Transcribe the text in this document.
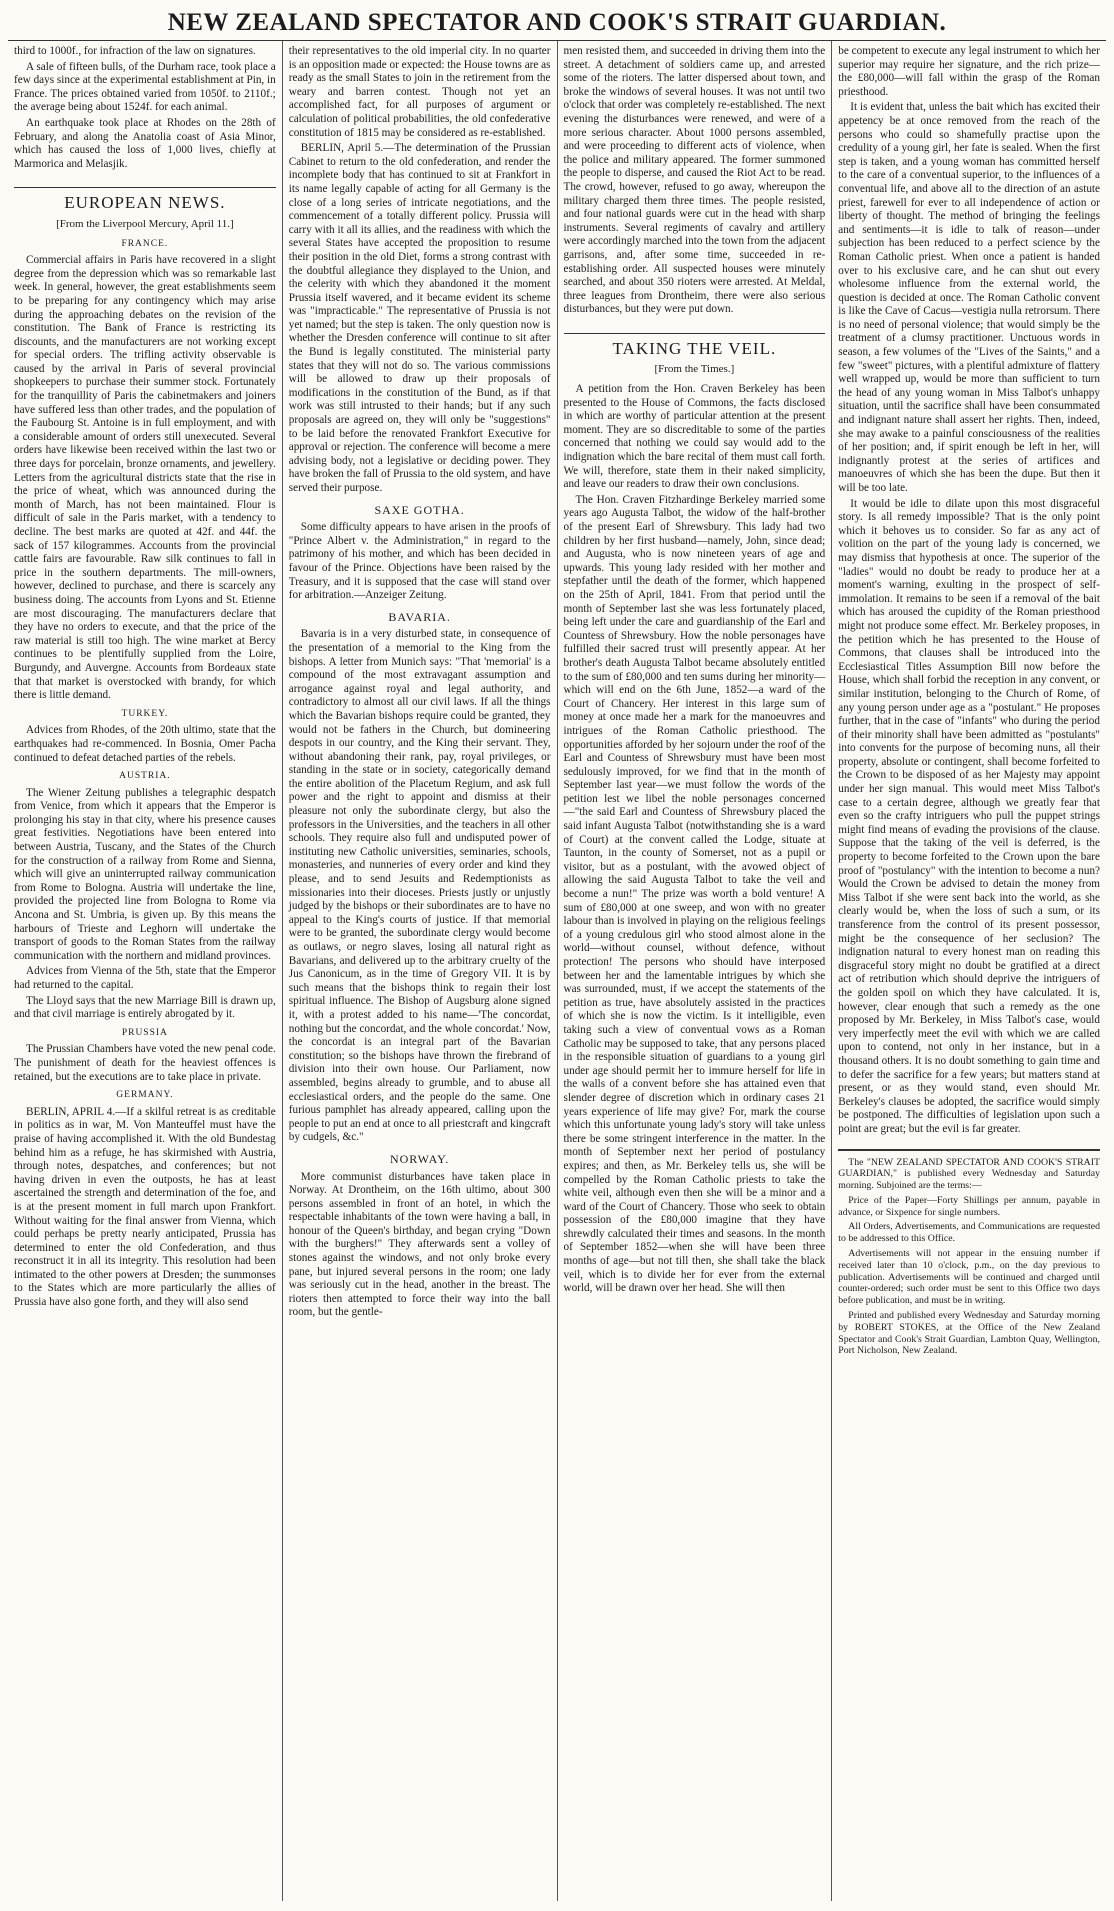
NEW ZEALAND SPECTATOR AND COOK'S STRAIT GUARDIAN.

third to 1000f., for infraction of the law on signatures.

A sale of fifteen bulls, of the Durham race, took place a few days since at the experimental establishment at Pin, in France. The prices obtained varied from 1050f. to 2110f.; the average being about 1524f. for each animal.

An earthquake took place at Rhodes on the 28th of February, and along the Anatolia coast of Asia Minor, which has caused the loss of 1,000 lives, chiefly at Marmorica and Melasjik.

EUROPEAN NEWS.
[From the Liverpool Mercury, April 11.]
FRANCE.

Commercial affairs in Paris have recovered in a slight degree from the depression which was so remarkable last week. In general, however, the great establishments seem to be preparing for any contingency which may arise during the approaching debates on the revision of the constitution. The Bank of France is restricting its discounts, and the manufacturers are not working except for special orders. The trifling activity observable is caused by the arrival in Paris of several provincial shopkeepers to purchase their summer stock. Fortunately for the tranquillity of Paris the cabinetmakers and joiners have suffered less than other trades, and the population of the Faubourg St. Antoine is in full employment, and with a considerable amount of orders still unexecuted. Several orders have likewise been received within the last two or three days for porcelain, bronze ornaments, and jewellery. Letters from the agricultural districts state that the rise in the price of wheat, which was announced during the month of March, has not been maintained. Flour is difficult of sale in the Paris market, with a tendency to decline. The best marks are quoted at 42f. and 44f. the sack of 157 kilogrammes. Accounts from the provincial cattle fairs are favourable. Raw silk continues to fall in price in the southern departments. The mill-owners, however, declined to purchase, and there is scarcely any business doing. The accounts from Lyons and St. Etienne are most discouraging. The manufacturers declare that they have no orders to execute, and that the price of the raw material is still too high. The wine market at Bercy continues to be plentifully supplied from the Loire, Burgundy, and Auvergne. Accounts from Bordeaux state that that market is overstocked with brandy, for which there is little demand.

TURKEY.

Advices from Rhodes, of the 20th ultimo, state that the earthquakes had re-commenced. In Bosnia, Omer Pacha continued to defeat detached parties of the rebels.

AUSTRIA.

The Wiener Zeitung publishes a telegraphic despatch from Venice, from which it appears that the Emperor is prolonging his stay in that city, where his presence causes great festivities. Negotiations have been entered into between Austria, Tuscany, and the States of the Church for the construction of a railway from Rome and Sienna, which will give an uninterrupted railway communication from Rome to Bologna. Austria will undertake the line, provided the projected line from Bologna to Rome via Ancona and St. Umbria, is given up. By this means the harbours of Trieste and Leghorn will undertake the transport of goods to the Roman States from the railway communication with the northern and midland provinces.

Advices from Vienna of the 5th, state that the Emperor had returned to the capital.

The Lloyd says that the new Marriage Bill is drawn up, and that civil marriage is entirely abrogated by it.

PRUSSIA

The Prussian Chambers have voted the new penal code. The punishment of death for the heaviest offences is retained, but the executions are to take place in private.

GERMANY.

BERLIN, APRIL 4.—If a skilful retreat is as creditable in politics as in war, M. Von Manteuffel must have the praise of having accomplished it. With the old Bundestag behind him as a refuge, he has skirmished with Austria, through notes, despatches, and conferences; but not having driven in even the outposts, he has at least ascertained the strength and determination of the foe, and is at the present moment in full march upon Frankfort. Without waiting for the final answer from Vienna, which could perhaps be pretty nearly anticipated, Prussia has determined to enter the old Confederation, and thus reconstruct it in all its integrity. This resolution had been intimated to the other powers at Dresden; the summonses to the States which are more particularly the allies of Prussia have also gone forth, and they will also send

their representatives to the old imperial city. In no quarter is an opposition made or expected: the House towns are as ready as the small States to join in the retirement from the weary and barren contest. Though not yet an accomplished fact, for all purposes of argument or calculation of political probabilities, the old confederative constitution of 1815 may be considered as re-established.

BERLIN, April 5.—The determination of the Prussian Cabinet to return to the old confederation, and render the incomplete body that has continued to sit at Frankfort in its name legally capable of acting for all Germany is the close of a long series of intricate negotiations, and the commencement of a totally different policy. Prussia will carry with it all its allies, and the readiness with which the several States have accepted the proposition to resume their position in the old Diet, forms a strong contrast with the doubtful allegiance they displayed to the Union, and the celerity with which they abandoned it the moment Prussia itself wavered, and it became evident its scheme was "impracticable." The representative of Prussia is not yet named; but the step is taken. The only question now is whether the Dresden conference will continue to sit after the Bund is legally constituted. The ministerial party states that they will not do so. The various commissions will be allowed to draw up their proposals of modifications in the constitution of the Bund, as if that work was still intrusted to their hands; but if any such proposals are agreed on, they will only be "suggestions" to be laid before the renovated Frankfort Executive for approval or rejection. The conference will become a mere advising body, not a legislative or deciding power. They have broken the fall of Prussia to the old system, and have served their purpose.

SAXE GOTHA.

Some difficulty appears to have arisen in the proofs of "Prince Albert v. the Administration," in regard to the patrimony of his mother, and which has been decided in favour of the Prince. Objections have been raised by the Treasury, and it is supposed that the case will stand over for arbitration.—Anzeiger Zeitung.

BAVARIA.

Bavaria is in a very disturbed state, in consequence of the presentation of a memorial to the King from the bishops. A letter from Munich says: "That 'memorial' is a compound of the most extravagant assumption and arrogance against royal and legal authority, and contradictory to almost all our civil laws. If all the things which the Bavarian bishops require could be granted, they would not be fathers in the Church, but domineering despots in our country, and the King their servant. They, without abandoning their rank, pay, royal privileges, or standing in the state or in society, categorically demand the entire abolition of the Placetum Regium, and ask full power and the right to appoint and dismiss at their pleasure not only the subordinate clergy, but also the professors in the Universities, and the teachers in all other schools. They require also full and undisputed power of instituting new Catholic universities, seminaries, schools, monasteries, and nunneries of every order and kind they please, and to send Jesuits and Redemptionists as missionaries into their dioceses. Priests justly or unjustly judged by the bishops or their subordinates are to have no appeal to the King's courts of justice. If that memorial were to be granted, the subordinate clergy would become as outlaws, or negro slaves, losing all natural right as Bavarians, and delivered up to the arbitrary cruelty of the Jus Canonicum, as in the time of Gregory VII. It is by such means that the bishops think to regain their lost spiritual influence. The Bishop of Augsburg alone signed it, with a protest added to his name—'The concordat, nothing but the concordat, and the whole concordat.' Now, the concordat is an integral part of the Bavarian constitution; so the bishops have thrown the firebrand of division into their own house. Our Parliament, now assembled, begins already to grumble, and to abuse all ecclesiastical orders, and the people do the same. One furious pamphlet has already appeared, calling upon the people to put an end at once to all priestcraft and kingcraft by cudgels, &c."

NORWAY.

More communist disturbances have taken place in Norway. At Drontheim, on the 16th ultimo, about 300 persons assembled in front of an hotel, in which the respectable inhabitants of the town were having a ball, in honour of the Queen's birthday, and began crying "Down with the burghers!" They afterwards sent a volley of stones against the windows, and not only broke every pane, but injured several persons in the room; one lady was seriously cut in the head, another in the breast. The rioters then attempted to force their way into the ball room, but the gentle-

men resisted them, and succeeded in driving them into the street. A detachment of soldiers came up, and arrested some of the rioters. The latter dispersed about town, and broke the windows of several houses. It was not until two o'clock that order was completely re-established. The next evening the disturbances were renewed, and were of a more serious character. About 1000 persons assembled, and were proceeding to different acts of violence, when the police and military appeared. The former summoned the people to disperse, and caused the Riot Act to be read. The crowd, however, refused to go away, whereupon the military charged them three times. The people resisted, and four national guards were cut in the head with sharp instruments. Several regiments of cavalry and artillery were accordingly marched into the town from the adjacent garrisons, and, after some time, succeeded in re-establishing order. All suspected houses were minutely searched, and about 350 rioters were arrested. At Meldal, three leagues from Drontheim, there were also serious disturbances, but they were put down.

TAKING THE VEIL.
[From the Times.]

A petition from the Hon. Craven Berkeley has been presented to the House of Commons, the facts disclosed in which are worthy of particular attention at the present moment. They are so discreditable to some of the parties concerned that nothing we could say would add to the indignation which the bare recital of them must call forth. We will, therefore, state them in their naked simplicity, and leave our readers to draw their own conclusions.

The Hon. Craven Fitzhardinge Berkeley married some years ago Augusta Talbot, the widow of the half-brother of the present Earl of Shrewsbury. This lady had two children by her first husband—namely, John, since dead; and Augusta, who is now nineteen years of age and upwards. This young lady resided with her mother and stepfather until the death of the former, which happened on the 25th of April, 1841. From that period until the month of September last she was less fortunately placed, being left under the care and guardianship of the Earl and Countess of Shrewsbury. How the noble personages have fulfilled their sacred trust will presently appear. At her brother's death Augusta Talbot became absolutely entitled to the sum of £80,000 and ten sums during her minority—which will end on the 6th June, 1852—a ward of the Court of Chancery. Her interest in this large sum of money at once made her a mark for the manoeuvres and intrigues of the Roman Catholic priesthood. The opportunities afforded by her sojourn under the roof of the Earl and Countess of Shrewsbury must have been most sedulously improved, for we find that in the month of September last year—we must follow the words of the petition lest we libel the noble personages concerned—"the said Earl and Countess of Shrewsbury placed the said infant Augusta Talbot (notwithstanding she is a ward of Court) at the convent called the Lodge, situate at Taunton, in the county of Somerset, not as a pupil or visitor, but as a postulant, with the avowed object of allowing the said Augusta Talbot to take the veil and become a nun!" The prize was worth a bold venture! A sum of £80,000 at one sweep, and won with no greater labour than is involved in playing on the religious feelings of a young credulous girl who stood almost alone in the world—without counsel, without defence, without protection! The persons who should have interposed between her and the lamentable intrigues by which she was surrounded, must, if we accept the statements of the petition as true, have absolutely assisted in the practices of which she is now the victim. Is it intelligible, even taking such a view of conventual vows as a Roman Catholic may be supposed to take, that any persons placed in the responsible situation of guardians to a young girl under age should permit her to immure herself for life in the walls of a convent before she has attained even that slender degree of discretion which in ordinary cases 21 years experience of life may give? For, mark the course which this unfortunate young lady's story will take unless there be some stringent interference in the matter. In the month of September next her period of postulancy expires; and then, as Mr. Berkeley tells us, she will be compelled by the Roman Catholic priests to take the white veil, although even then she will be a minor and a ward of the Court of Chancery. Those who seek to obtain possession of the £80,000 imagine that they have shrewdly calculated their times and seasons. In the month of September 1852—when she will have been three months of age—but not till then, she shall take the black veil, which is to divide her for ever from the external world, will be drawn over her head. She will then

be competent to execute any legal instrument to which her superior may require her signature, and the rich prize—the £80,000—will fall within the grasp of the Roman priesthood.

It is evident that, unless the bait which has excited their appetency be at once removed from the reach of the persons who could so shamefully practise upon the credulity of a young girl, her fate is sealed. When the first step is taken, and a young woman has committed herself to the care of a conventual superior, to the influences of a conventual life, and above all to the direction of an astute priest, farewell for ever to all independence of action or liberty of thought. The method of bringing the feelings and sentiments—it is idle to talk of reason—under subjection has been reduced to a perfect science by the Roman Catholic priest. When once a patient is handed over to his exclusive care, and he can shut out every wholesome influence from the external world, the question is decided at once. The Roman Catholic convent is like the Cave of Cacus—vestigia nulla retrorsum. There is no need of personal violence; that would simply be the treatment of a clumsy practitioner. Unctuous words in season, a few volumes of the "Lives of the Saints," and a few "sweet" pictures, with a plentiful admixture of flattery well wrapped up, would be more than sufficient to turn the head of any young woman in Miss Talbot's unhappy situation, until the sacrifice shall have been consummated and indignant nature shall assert her rights. Then, indeed, she may awake to a painful consciousness of the realities of her position; and, if spirit enough be left in her, will indignantly protest at the series of artifices and manoeuvres of which she has been the dupe. But then it will be too late.

It would be idle to dilate upon this most disgraceful story. Is all remedy impossible? That is the only point which it behoves us to consider. So far as any act of volition on the part of the young lady is concerned, we may dismiss that hypothesis at once. The superior of the "ladies" would no doubt be ready to produce her at a moment's warning, exulting in the prospect of self-immolation. It remains to be seen if a removal of the bait which has aroused the cupidity of the Roman priesthood might not produce some effect. Mr. Berkeley proposes, in the petition which he has presented to the House of Commons, that clauses shall be introduced into the Ecclesiastical Titles Assumption Bill now before the House, which shall forbid the reception in any convent, or similar institution, belonging to the Church of Rome, of any young person under age as a "postulant." He proposes further, that in the case of "infants" who during the period of their minority shall have been admitted as "postulants" into convents for the purpose of becoming nuns, all their property, absolute or contingent, shall become forfeited to the Crown to be disposed of as her Majesty may appoint under her sign manual. This would meet Miss Talbot's case to a certain degree, although we greatly fear that even so the crafty intriguers who pull the puppet strings might find means of evading the provisions of the clause. Suppose that the taking of the veil is deferred, is the property to become forfeited to the Crown upon the bare proof of "postulancy" with the intention to become a nun? Would the Crown be advised to detain the money from Miss Talbot if she were sent back into the world, as she clearly would be, when the loss of such a sum, or its transference from the control of its present possessor, might be the consequence of her seclusion? The indignation natural to every honest man on reading this disgraceful story might no doubt be gratified at a direct act of retribution which should deprive the intriguers of the golden spoil on which they have calculated. It is, however, clear enough that such a remedy as the one proposed by Mr. Berkeley, in Miss Talbot's case, would very imperfectly meet the evil with which we are called upon to contend, not only in her instance, but in a thousand others. It is no doubt something to gain time and to defer the sacrifice for a few years; but matters stand at present, or as they would stand, even should Mr. Berkeley's clauses be adopted, the sacrifice would simply be postponed. The difficulties of legislation upon such a point are great; but the evil is far greater.

The "NEW ZEALAND SPECTATOR AND COOK'S STRAIT GUARDIAN," is published every Wednesday and Saturday morning. Subjoined are the terms:—

Price of the Paper—Forty Shillings per annum, payable in advance, or Sixpence for single numbers.

All Orders, Advertisements, and Communications are requested to be addressed to this Office.

Advertisements will not appear in the ensuing number if received later than 10 o'clock, p.m., on the day previous to publication. Advertisements will be continued and charged until counter-ordered; such order must be sent to this Office two days before publication, and must be in writing.

Printed and published every Wednesday and Saturday morning by ROBERT STOKES, at the Office of the New Zealand Spectator and Cook's Strait Guardian, Lambton Quay, Wellington, Port Nicholson, New Zealand.
